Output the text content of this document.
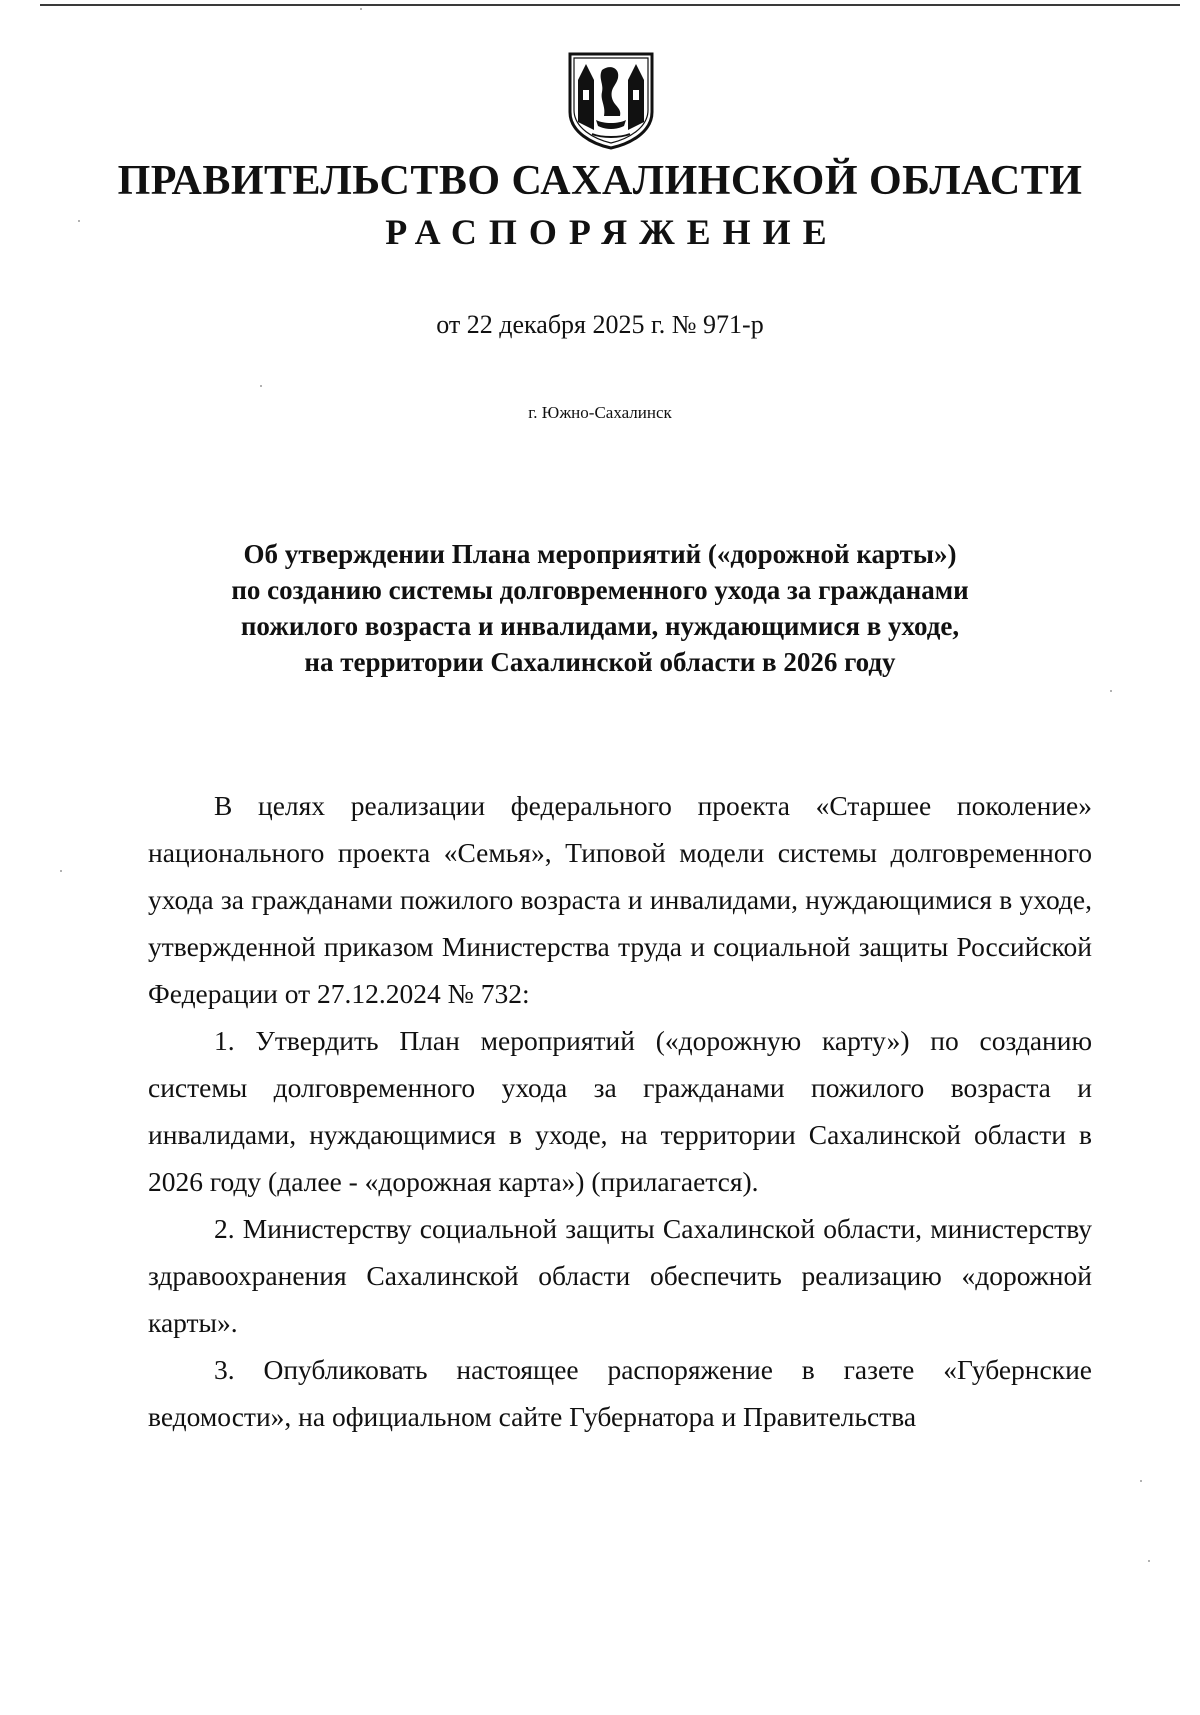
ПРАВИТЕЛЬСТВО САХАЛИНСКОЙ ОБЛАСТИ
РАСПОРЯЖЕНИЕ
от 22 декабря 2025 г. № 971-р
г. Южно-Сахалинск
Об утверждении Плана мероприятий («дорожной карты») по созданию системы долговременного ухода за гражданами пожилого возраста и инвалидами, нуждающимися в уходе, на территории Сахалинской области в 2026 году

В целях реализации федерального проекта «Старшее поколение» национального проекта «Семья», Типовой модели системы долговременного ухода за гражданами пожилого возраста и инвалидами, нуждающимися в уходе, утвержденной приказом Министерства труда и социальной защиты Российской Федерации от 27.12.2024 № 732:

1. Утвердить План мероприятий («дорожную карту») по созданию системы долговременного ухода за гражданами пожилого возраста и инвалидами, нуждающимися в уходе, на территории Сахалинской области в 2026 году (далее - «дорожная карта») (прилагается).

2. Министерству социальной защиты Сахалинской области, министерству здравоохранения Сахалинской области обеспечить реализацию «дорожной карты».

3. Опубликовать настоящее распоряжение в газете «Губернские ведомости», на официальном сайте Губернатора и Правительства
